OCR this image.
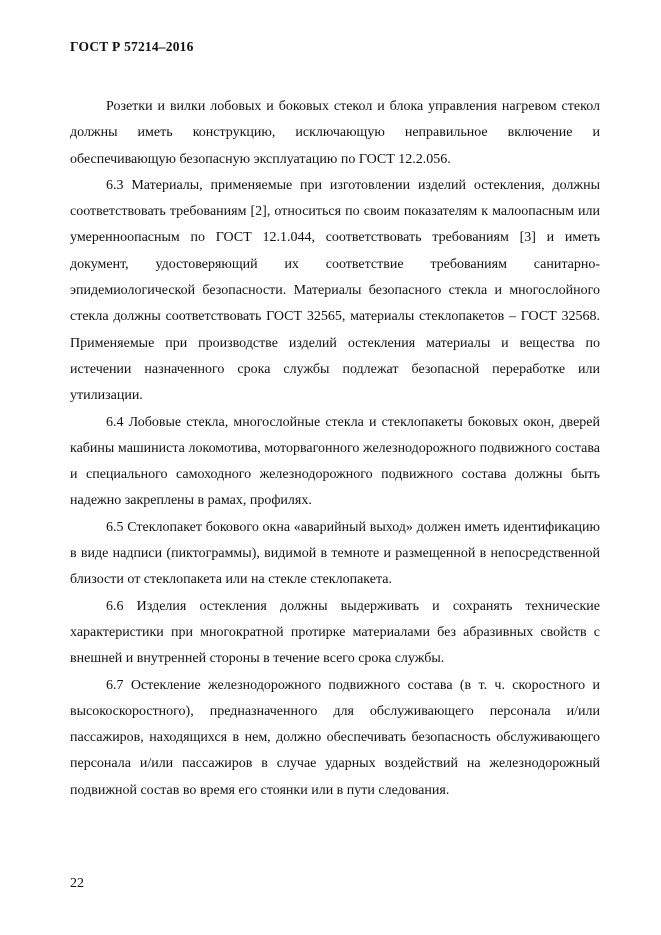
ГОСТ Р 57214–2016

Розетки и вилки лобовых и боковых стекол и блока управления нагревом стекол должны иметь конструкцию, исключающую неправильное включение и обеспечивающую безопасную эксплуатацию по ГОСТ 12.2.056.

6.3 Материалы, применяемые при изготовлении изделий остекления, должны соответствовать требованиям [2], относиться по своим показателям к малоопасным или умеренноопасным по ГОСТ 12.1.044, соответствовать требованиям [3] и иметь документ, удостоверяющий их соответствие требованиям санитарно-эпидемиологической безопасности. Материалы безопасного стекла и многослойного стекла должны соответствовать ГОСТ 32565, материалы стеклопакетов – ГОСТ 32568. Применяемые при производстве изделий остекления материалы и вещества по истечении назначенного срока службы подлежат безопасной переработке или утилизации.

6.4 Лобовые стекла, многослойные стекла и стеклопакеты боковых окон, дверей кабины машиниста локомотива, моторвагонного железнодорожного подвижного состава и специального самоходного железнодорожного подвижного состава должны быть надежно закреплены в рамах, профилях.

6.5 Стеклопакет бокового окна «аварийный выход» должен иметь идентификацию в виде надписи (пиктограммы), видимой в темноте и размещенной в непосредственной близости от стеклопакета или на стекле стеклопакета.

6.6 Изделия остекления должны выдерживать и сохранять технические характеристики при многократной протирке материалами без абразивных свойств с внешней и внутренней стороны в течение всего срока службы.

6.7 Остекление железнодорожного подвижного состава (в т. ч. скоростного и высокоскоростного), предназначенного для обслуживающего персонала и/или пассажиров, находящихся в нем, должно обеспечивать безопасность обслуживающего персонала и/или пассажиров в случае ударных воздействий на железнодорожный подвижной состав во время его стоянки или в пути следования.

22
